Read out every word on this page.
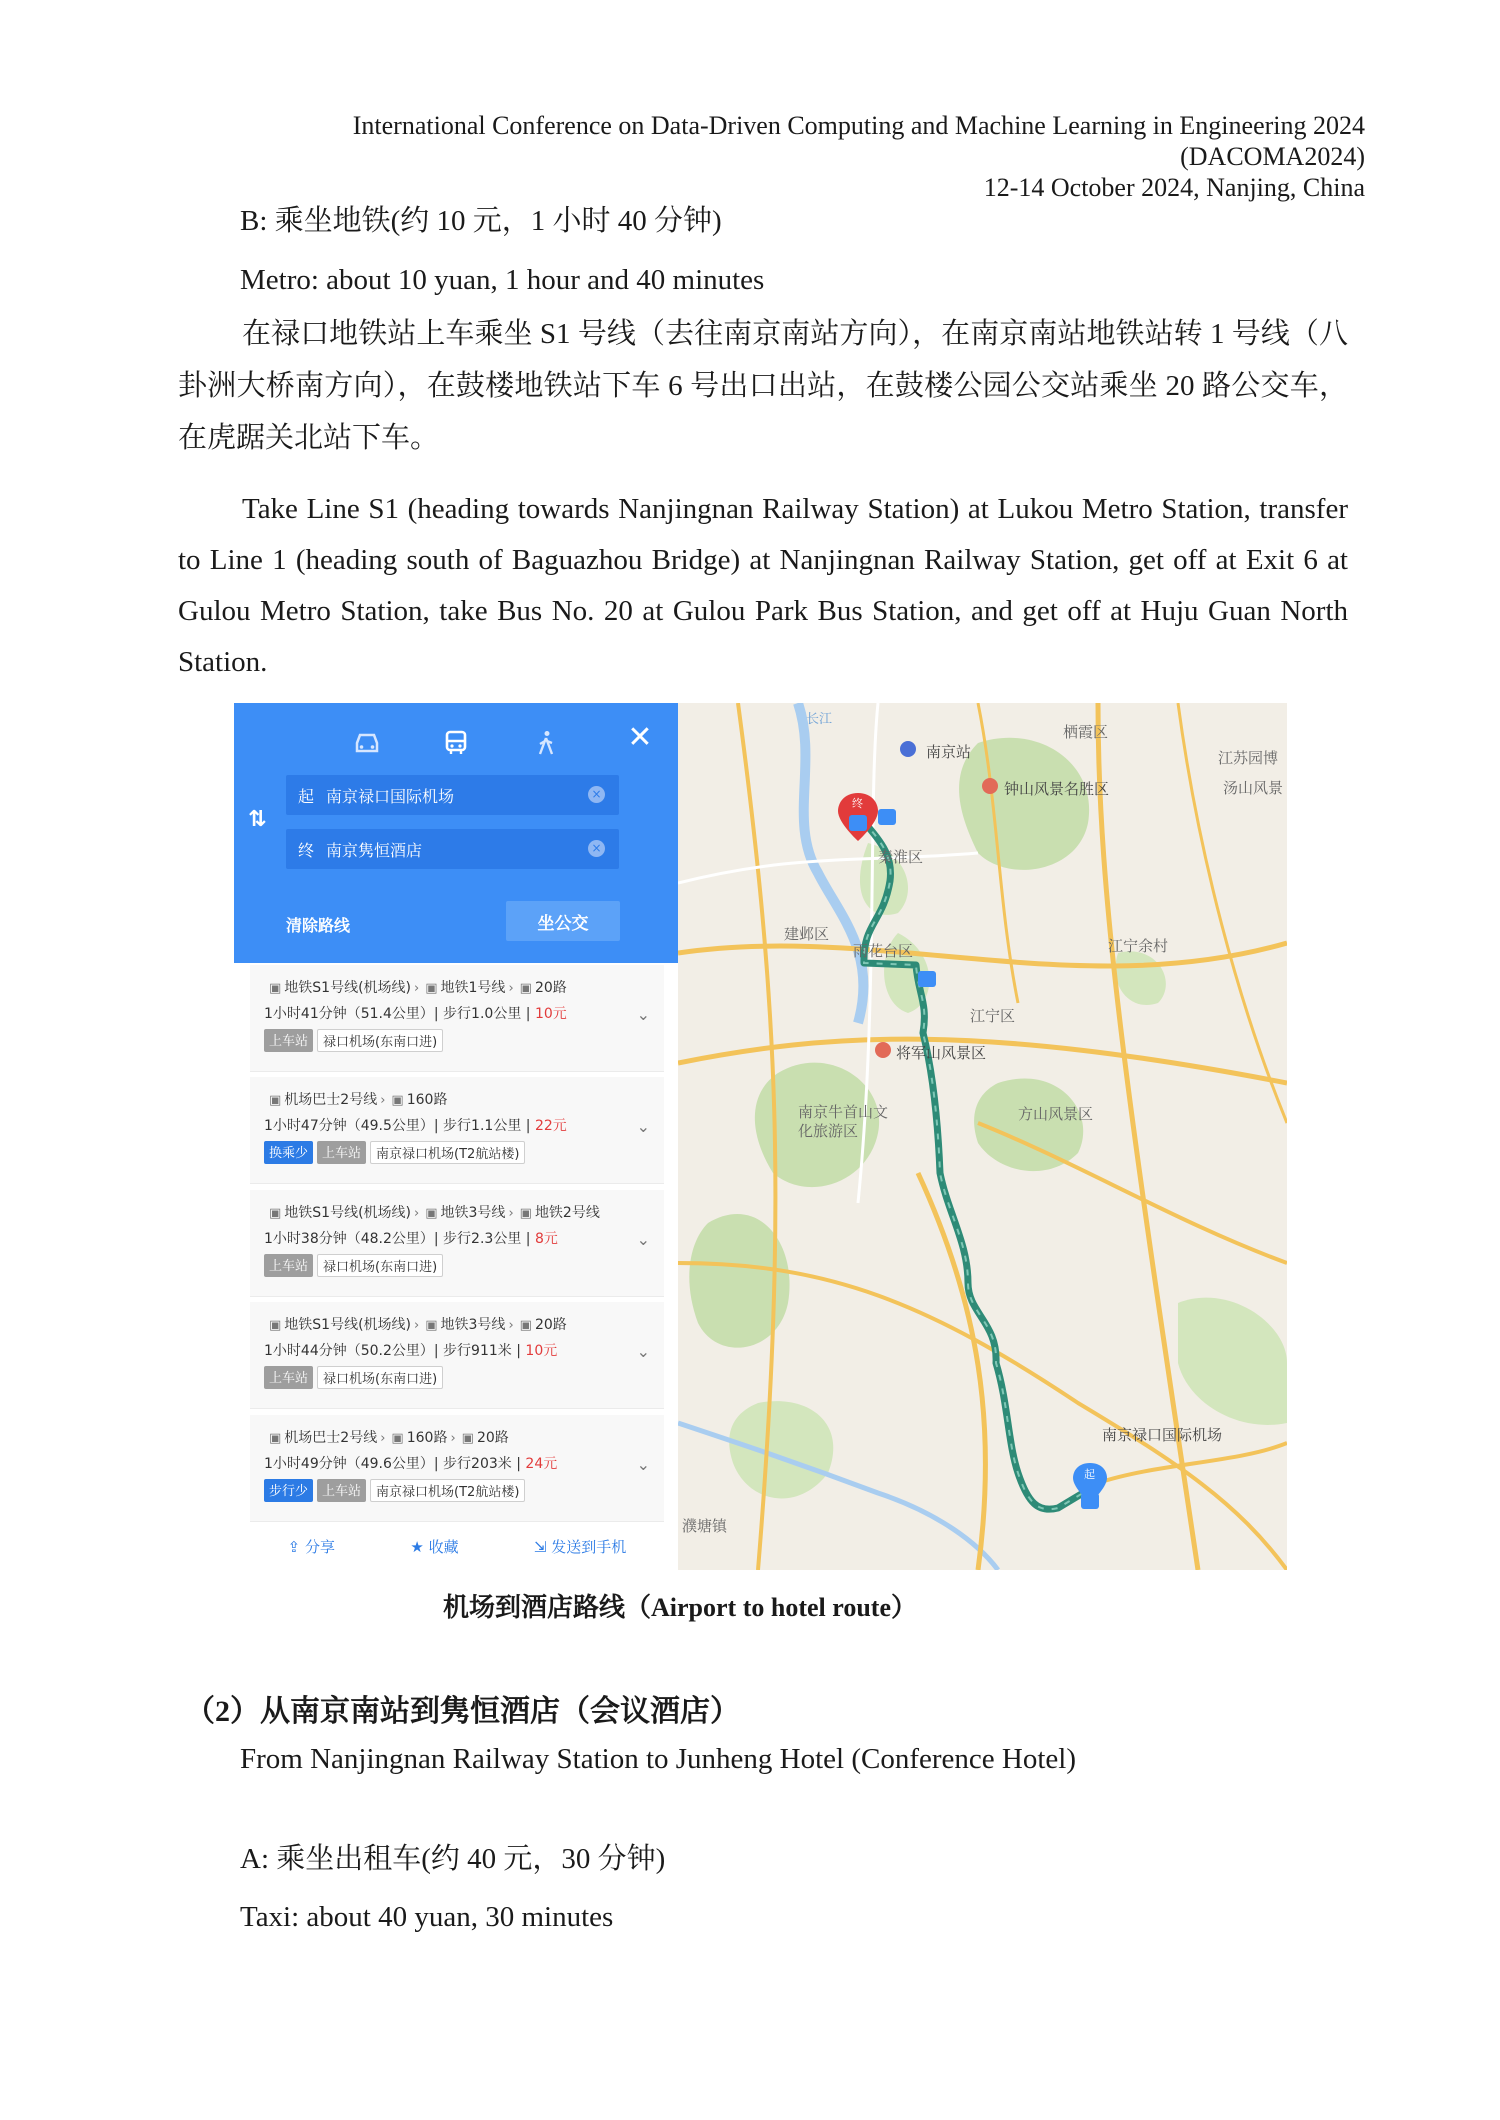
International Conference on Data-Driven Computing and Machine Learning in Engineering 2024
(DACOMA2024)
12-14 October 2024, Nanjing, China
B: 乘坐地铁(约 10 元，1 小时 40 分钟)
Metro: about 10 yuan, 1 hour and 40 minutes
在禄口地铁站上车乘坐 S1 号线（去往南京南站方向），在南京南站地铁站转 1 号线（八卦洲大桥南方向），在鼓楼地铁站下车 6 号出口出站，在鼓楼公园公交站乘坐 20 路公交车，在虎踞关北站下车。
Take Line S1 (heading towards Nanjingnan Railway Station) at Lukou Metro Station, transfer to Line 1 (heading south of Baguazhou Bridge) at Nanjingnan Railway Station, get off at Exit 6 at Gulou Metro Station, take Bus No. 20 at Gulou Park Bus Station, and get off at Huju Guan North Station.
✕
⇅
起 南京禄口国际机场	×
终 南京隽恒酒店	×
清除路线	坐公交
▣ 地铁S1号线(机场线) › ▣ 地铁1号线 › ▣ 20路
1小时41分钟（51.4公里）| 步行1.0公里 | 10元
上车站	禄口机场(东南口进)
⌄
▣ 机场巴士2号线 › ▣ 160路
1小时47分钟（49.5公里）| 步行1.1公里 | 22元
换乘少	上车站	南京禄口机场(T2航站楼)
⌄
▣ 地铁S1号线(机场线) › ▣ 地铁3号线 › ▣ 地铁2号线
1小时38分钟（48.2公里）| 步行2.3公里 | 8元
上车站	禄口机场(东南口进)
⌄
▣ 地铁S1号线(机场线) › ▣ 地铁3号线 › ▣ 20路
1小时44分钟（50.2公里）| 步行911米 | 10元
上车站	禄口机场(东南口进)
⌄
▣ 机场巴士2号线 › ▣ 160路 › ▣ 20路
1小时49分钟（49.6公里）| 步行203米 | 24元
步行少	上车站	南京禄口机场(T2航站楼)
⌄
⇪ 分享	★ 收藏	⇲ 发送到手机
南京站
栖霞区
钟山风景名胜区
江苏园博
汤山风景
秦淮区
建邺区
雨花台区
江宁区
江宁余村
将军山风景区
南京牛首山文化旅游区
方山风景区
南京禄口国际机场
濮塘镇
长江
终
起
机场到酒店路线（Airport to hotel route）
（2）从南京南站到隽恒酒店（会议酒店）
From Nanjingnan Railway Station to Junheng Hotel (Conference Hotel)
A: 乘坐出租车(约 40 元，30 分钟)
Taxi: about 40 yuan, 30 minutes
